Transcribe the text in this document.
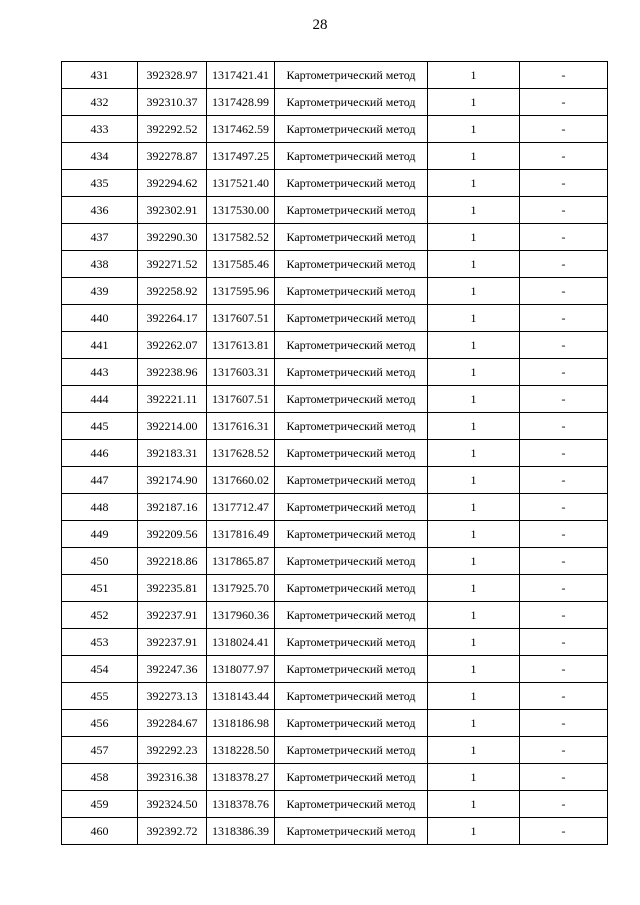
28
431	392328.97	1317421.41	Картометрический метод	1	-
432	392310.37	1317428.99	Картометрический метод	1	-
433	392292.52	1317462.59	Картометрический метод	1	-
434	392278.87	1317497.25	Картометрический метод	1	-
435	392294.62	1317521.40	Картометрический метод	1	-
436	392302.91	1317530.00	Картометрический метод	1	-
437	392290.30	1317582.52	Картометрический метод	1	-
438	392271.52	1317585.46	Картометрический метод	1	-
439	392258.92	1317595.96	Картометрический метод	1	-
440	392264.17	1317607.51	Картометрический метод	1	-
441	392262.07	1317613.81	Картометрический метод	1	-
443	392238.96	1317603.31	Картометрический метод	1	-
444	392221.11	1317607.51	Картометрический метод	1	-
445	392214.00	1317616.31	Картометрический метод	1	-
446	392183.31	1317628.52	Картометрический метод	1	-
447	392174.90	1317660.02	Картометрический метод	1	-
448	392187.16	1317712.47	Картометрический метод	1	-
449	392209.56	1317816.49	Картометрический метод	1	-
450	392218.86	1317865.87	Картометрический метод	1	-
451	392235.81	1317925.70	Картометрический метод	1	-
452	392237.91	1317960.36	Картометрический метод	1	-
453	392237.91	1318024.41	Картометрический метод	1	-
454	392247.36	1318077.97	Картометрический метод	1	-
455	392273.13	1318143.44	Картометрический метод	1	-
456	392284.67	1318186.98	Картометрический метод	1	-
457	392292.23	1318228.50	Картометрический метод	1	-
458	392316.38	1318378.27	Картометрический метод	1	-
459	392324.50	1318378.76	Картометрический метод	1	-
460	392392.72	1318386.39	Картометрический метод	1	-
